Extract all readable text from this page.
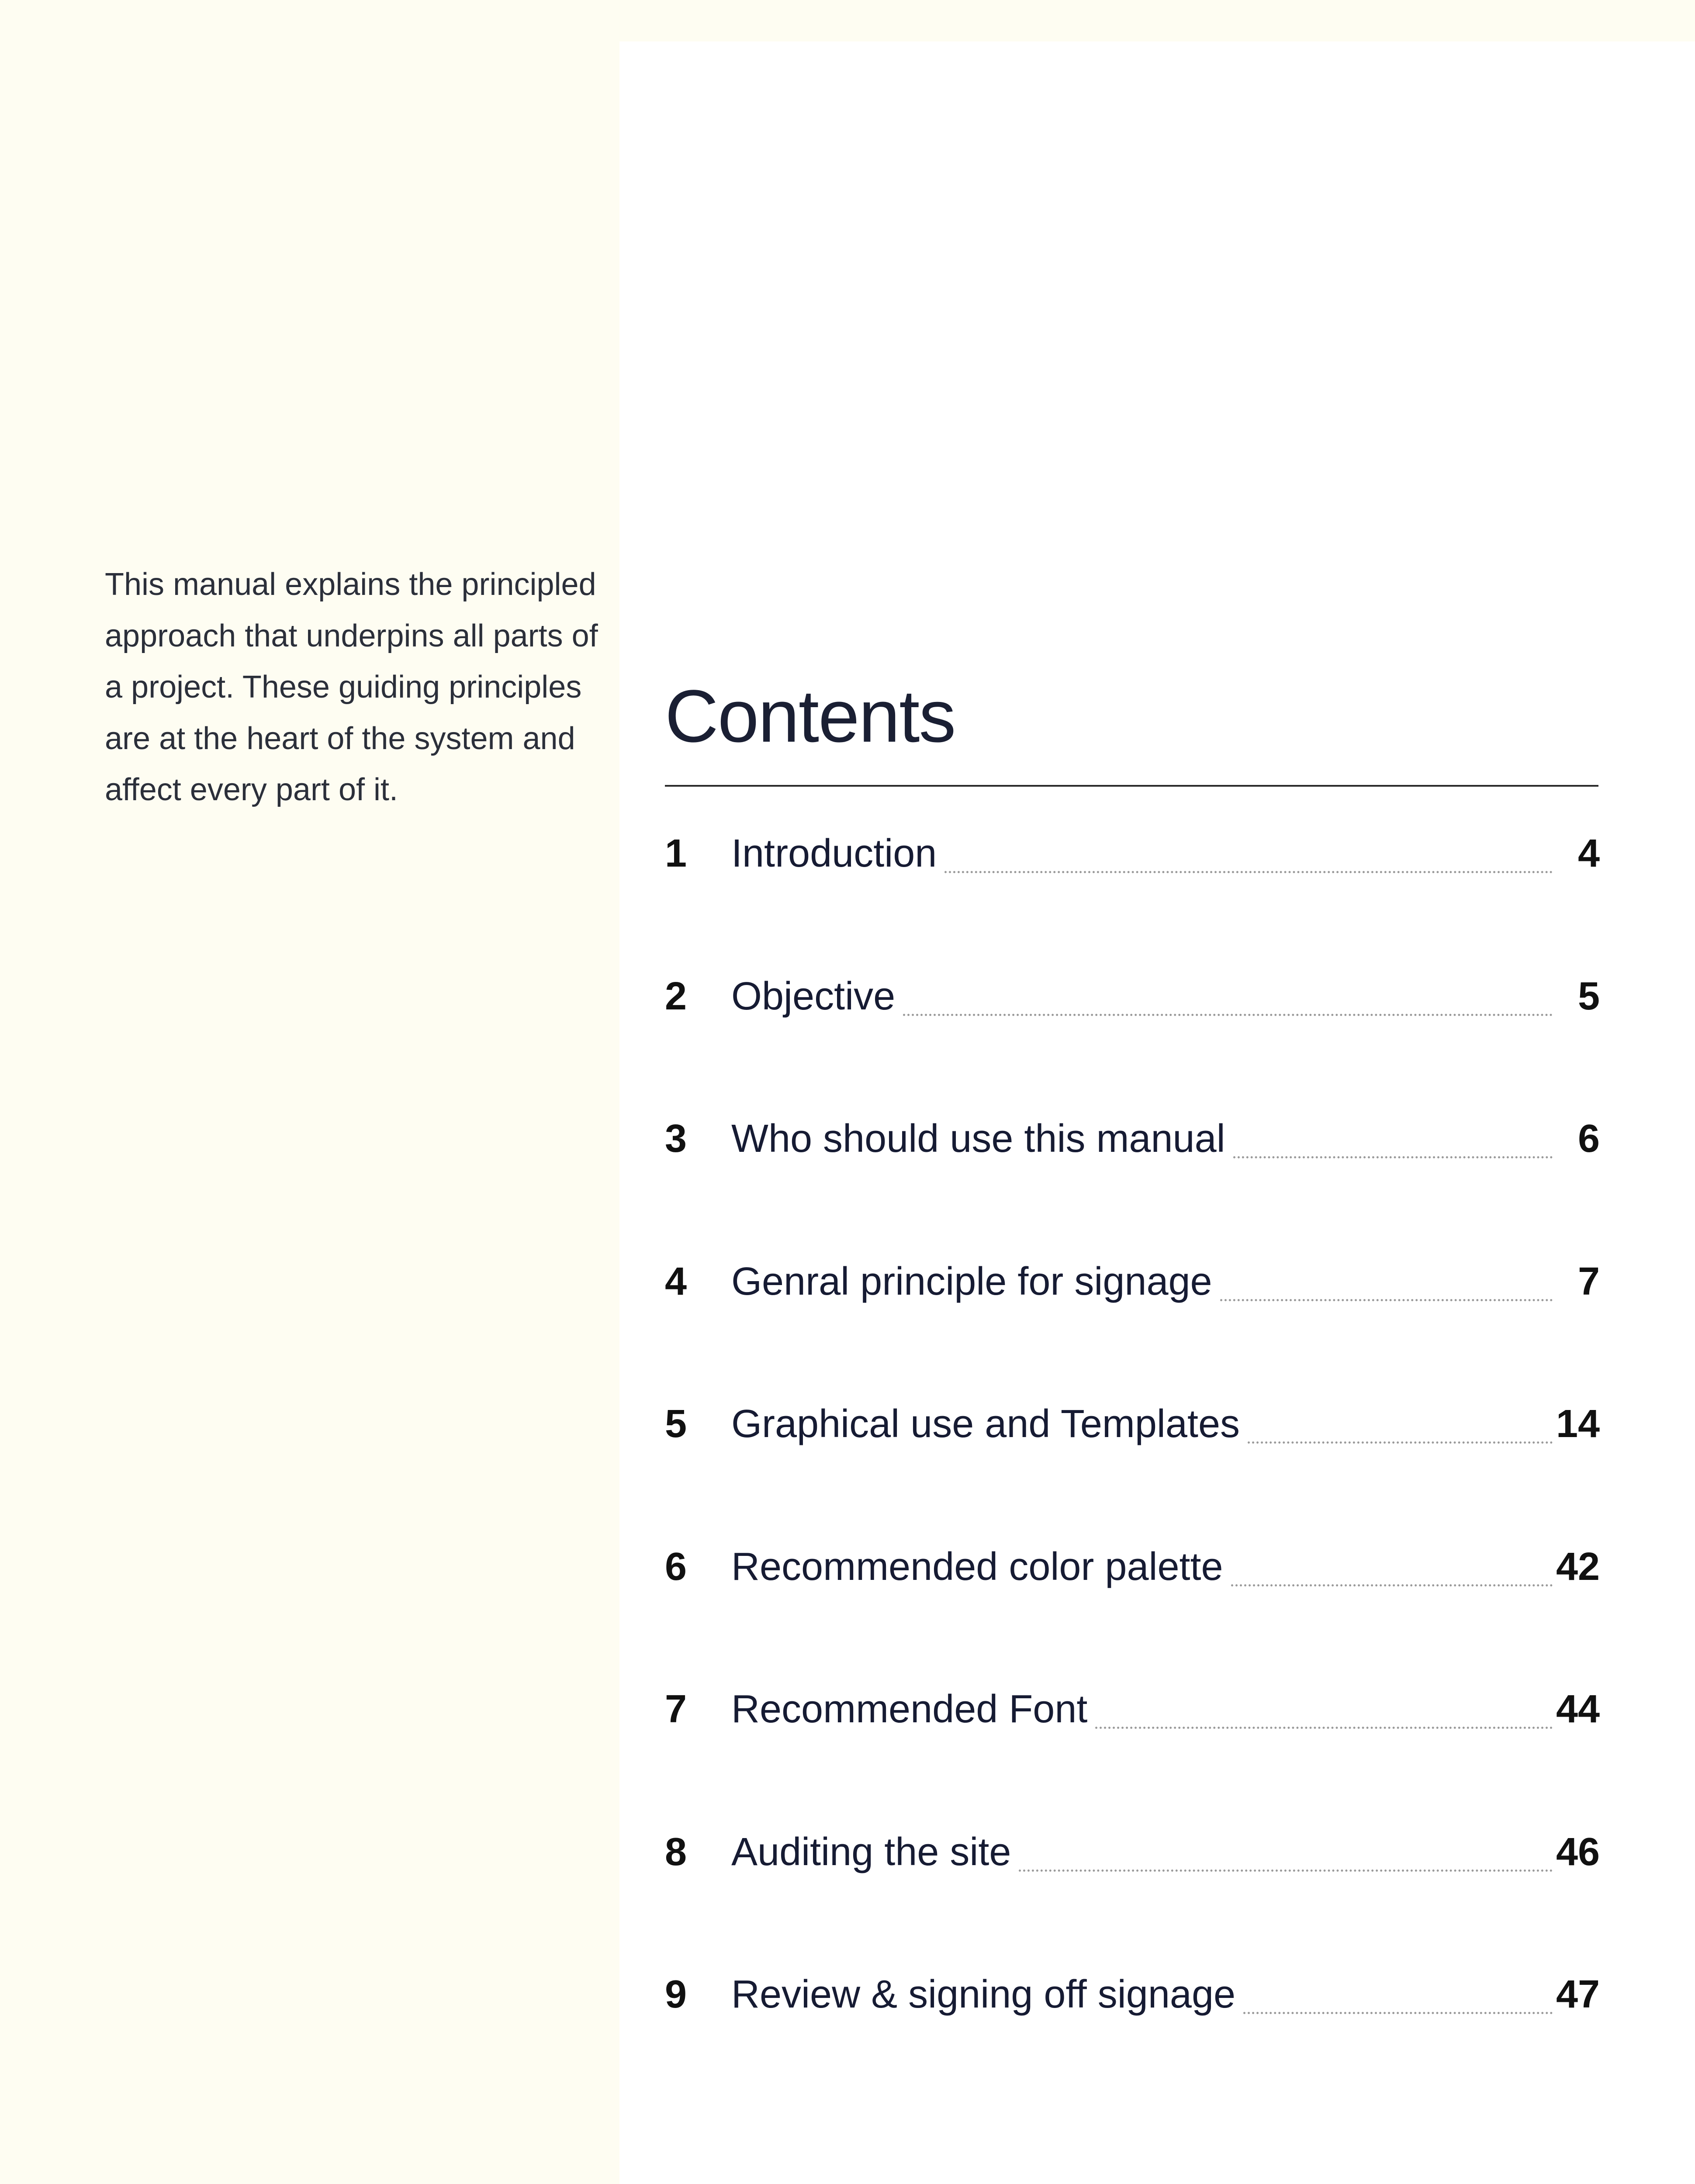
This manual explains the principled approach that underpins all parts of a project. These guiding principles are at the heart of the system and affect every part of it.

Contents
1	Introduction	4
2	Objective	5
3	Who should use this manual	6
4	Genral principle for signage	7
5	Graphical use and Templates	14
6	Recommended color palette	42
7	Recommended Font	44
8	Auditing the site	46
9	Review & signing off signage	47
